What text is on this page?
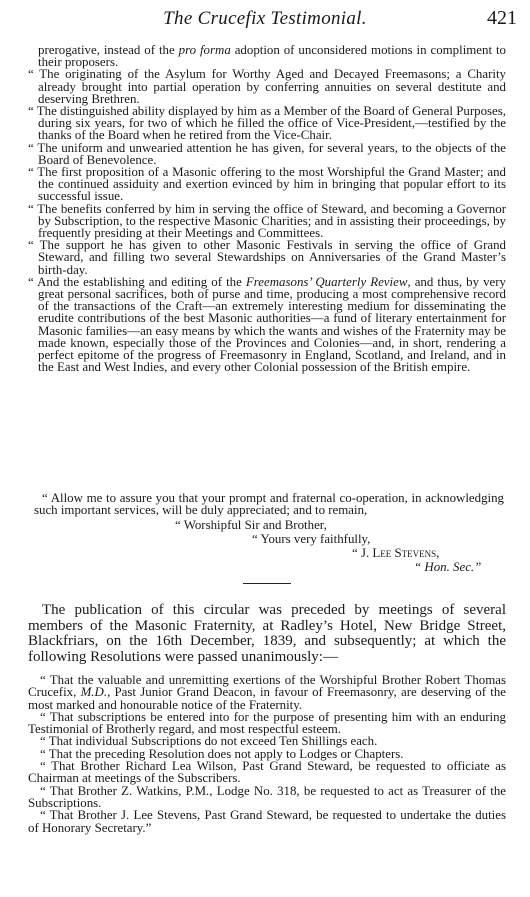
The Crucefix Testimonial.	421

prerogative, instead of the pro forma adoption of unconsidered motions in compliment to their proposers.

“ The originating of the Asylum for Worthy Aged and Decayed Freemasons; a Charity already brought into partial operation by conferring annuities on several destitute and deserving Brethren.

“ The distinguished ability displayed by him as a Member of the Board of General Purposes, during six years, for two of which he filled the office of Vice-President,—testified by the thanks of the Board when he retired from the Vice-Chair.

“ The uniform and unwearied attention he has given, for several years, to the objects of the Board of Benevolence.

“ The first proposition of a Masonic offering to the most Worshipful the Grand Master; and the continued assiduity and exertion evinced by him in bringing that popular effort to its successful issue.

“ The benefits conferred by him in serving the office of Steward, and becoming a Governor by Subscription, to the respective Masonic Charities; and in assisting their proceedings, by frequently presiding at their Meetings and Committees.

“ The support he has given to other Masonic Festivals in serving the office of Grand Steward, and filling two several Stewardships on Anniversaries of the Grand Master’s birth-day.

“ And the establishing and editing of the Freemasons’ Quarterly Review, and thus, by very great personal sacrifices, both of purse and time, producing a most comprehensive record of the transactions of the Craft—an extremely interesting medium for disseminating the erudite contributions of the best Masonic authorities—a fund of literary entertainment for Masonic families—an easy means by which the wants and wishes of the Fraternity may be made known, especially those of the Provinces and Colonies—and, in short, rendering a perfect epitome of the progress of Freemasonry in England, Scotland, and Ireland, and in the East and West Indies, and every other Colonial possession of the British empire.

“ Allow me to assure you that your prompt and fraternal co-operation, in acknowledging such important services, will be duly appreciated; and to remain,

“ Worshipful Sir and Brother,
“ Yours very faithfully,
“ J. Lee Stevens,
“ Hon. Sec.”

The publication of this circular was preceded by meetings of several members of the Masonic Fraternity, at Radley’s Hotel, New Bridge Street, Blackfriars, on the 16th December, 1839, and subsequently; at which the following Resolutions were passed unanimously:—

“ That the valuable and unremitting exertions of the Worshipful Brother Robert Thomas Crucefix, M.D., Past Junior Grand Deacon, in favour of Freemasonry, are deserving of the most marked and honourable notice of the Fraternity.

“ That subscriptions be entered into for the purpose of presenting him with an enduring Testimonial of Brotherly regard, and most respectful esteem.

“ That individual Subscriptions do not exceed Ten Shillings each.

“ That the preceding Resolution does not apply to Lodges or Chapters.

“ That Brother Richard Lea Wilson, Past Grand Steward, be requested to officiate as Chairman at meetings of the Subscribers.

“ That Brother Z. Watkins, P.M., Lodge No. 318, be requested to act as Treasurer of the Subscriptions.

“ That Brother J. Lee Stevens, Past Grand Steward, be requested to undertake the duties of Honorary Secretary.”
